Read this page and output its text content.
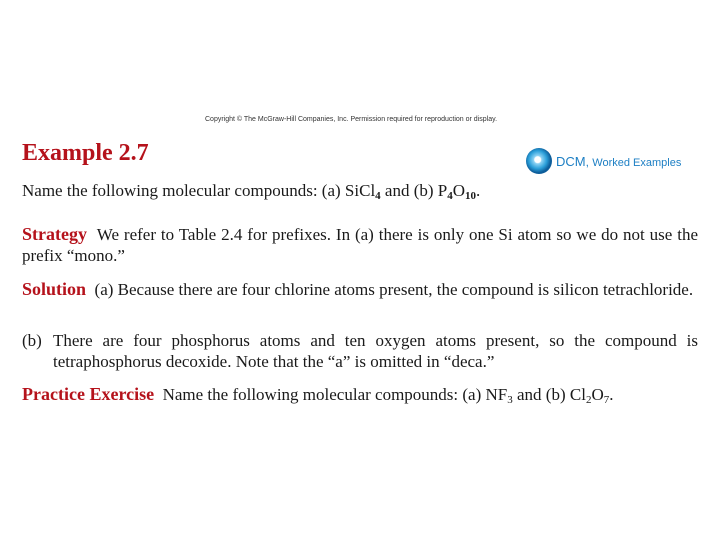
Copyright © The McGraw-Hill Companies, Inc. Permission required for reproduction or display.
Example 2.7	DCM, Worked Examples
Name the following molecular compounds: (a) SiCl4 and (b) P4O10.
Strategy We refer to Table 2.4 for prefixes. In (a) there is only one Si atom so we do not use the prefix “mono.”
Solution (a) Because there are four chlorine atoms present, the compound is silicon tetrachloride.
(b) There are four phosphorus atoms and ten oxygen atoms present, so the compound is tetraphosphorus decoxide. Note that the “a” is omitted in “deca.”
Practice Exercise Name the following molecular compounds: (a) $NF_3$ and (b) $Cl_2O_7$.
